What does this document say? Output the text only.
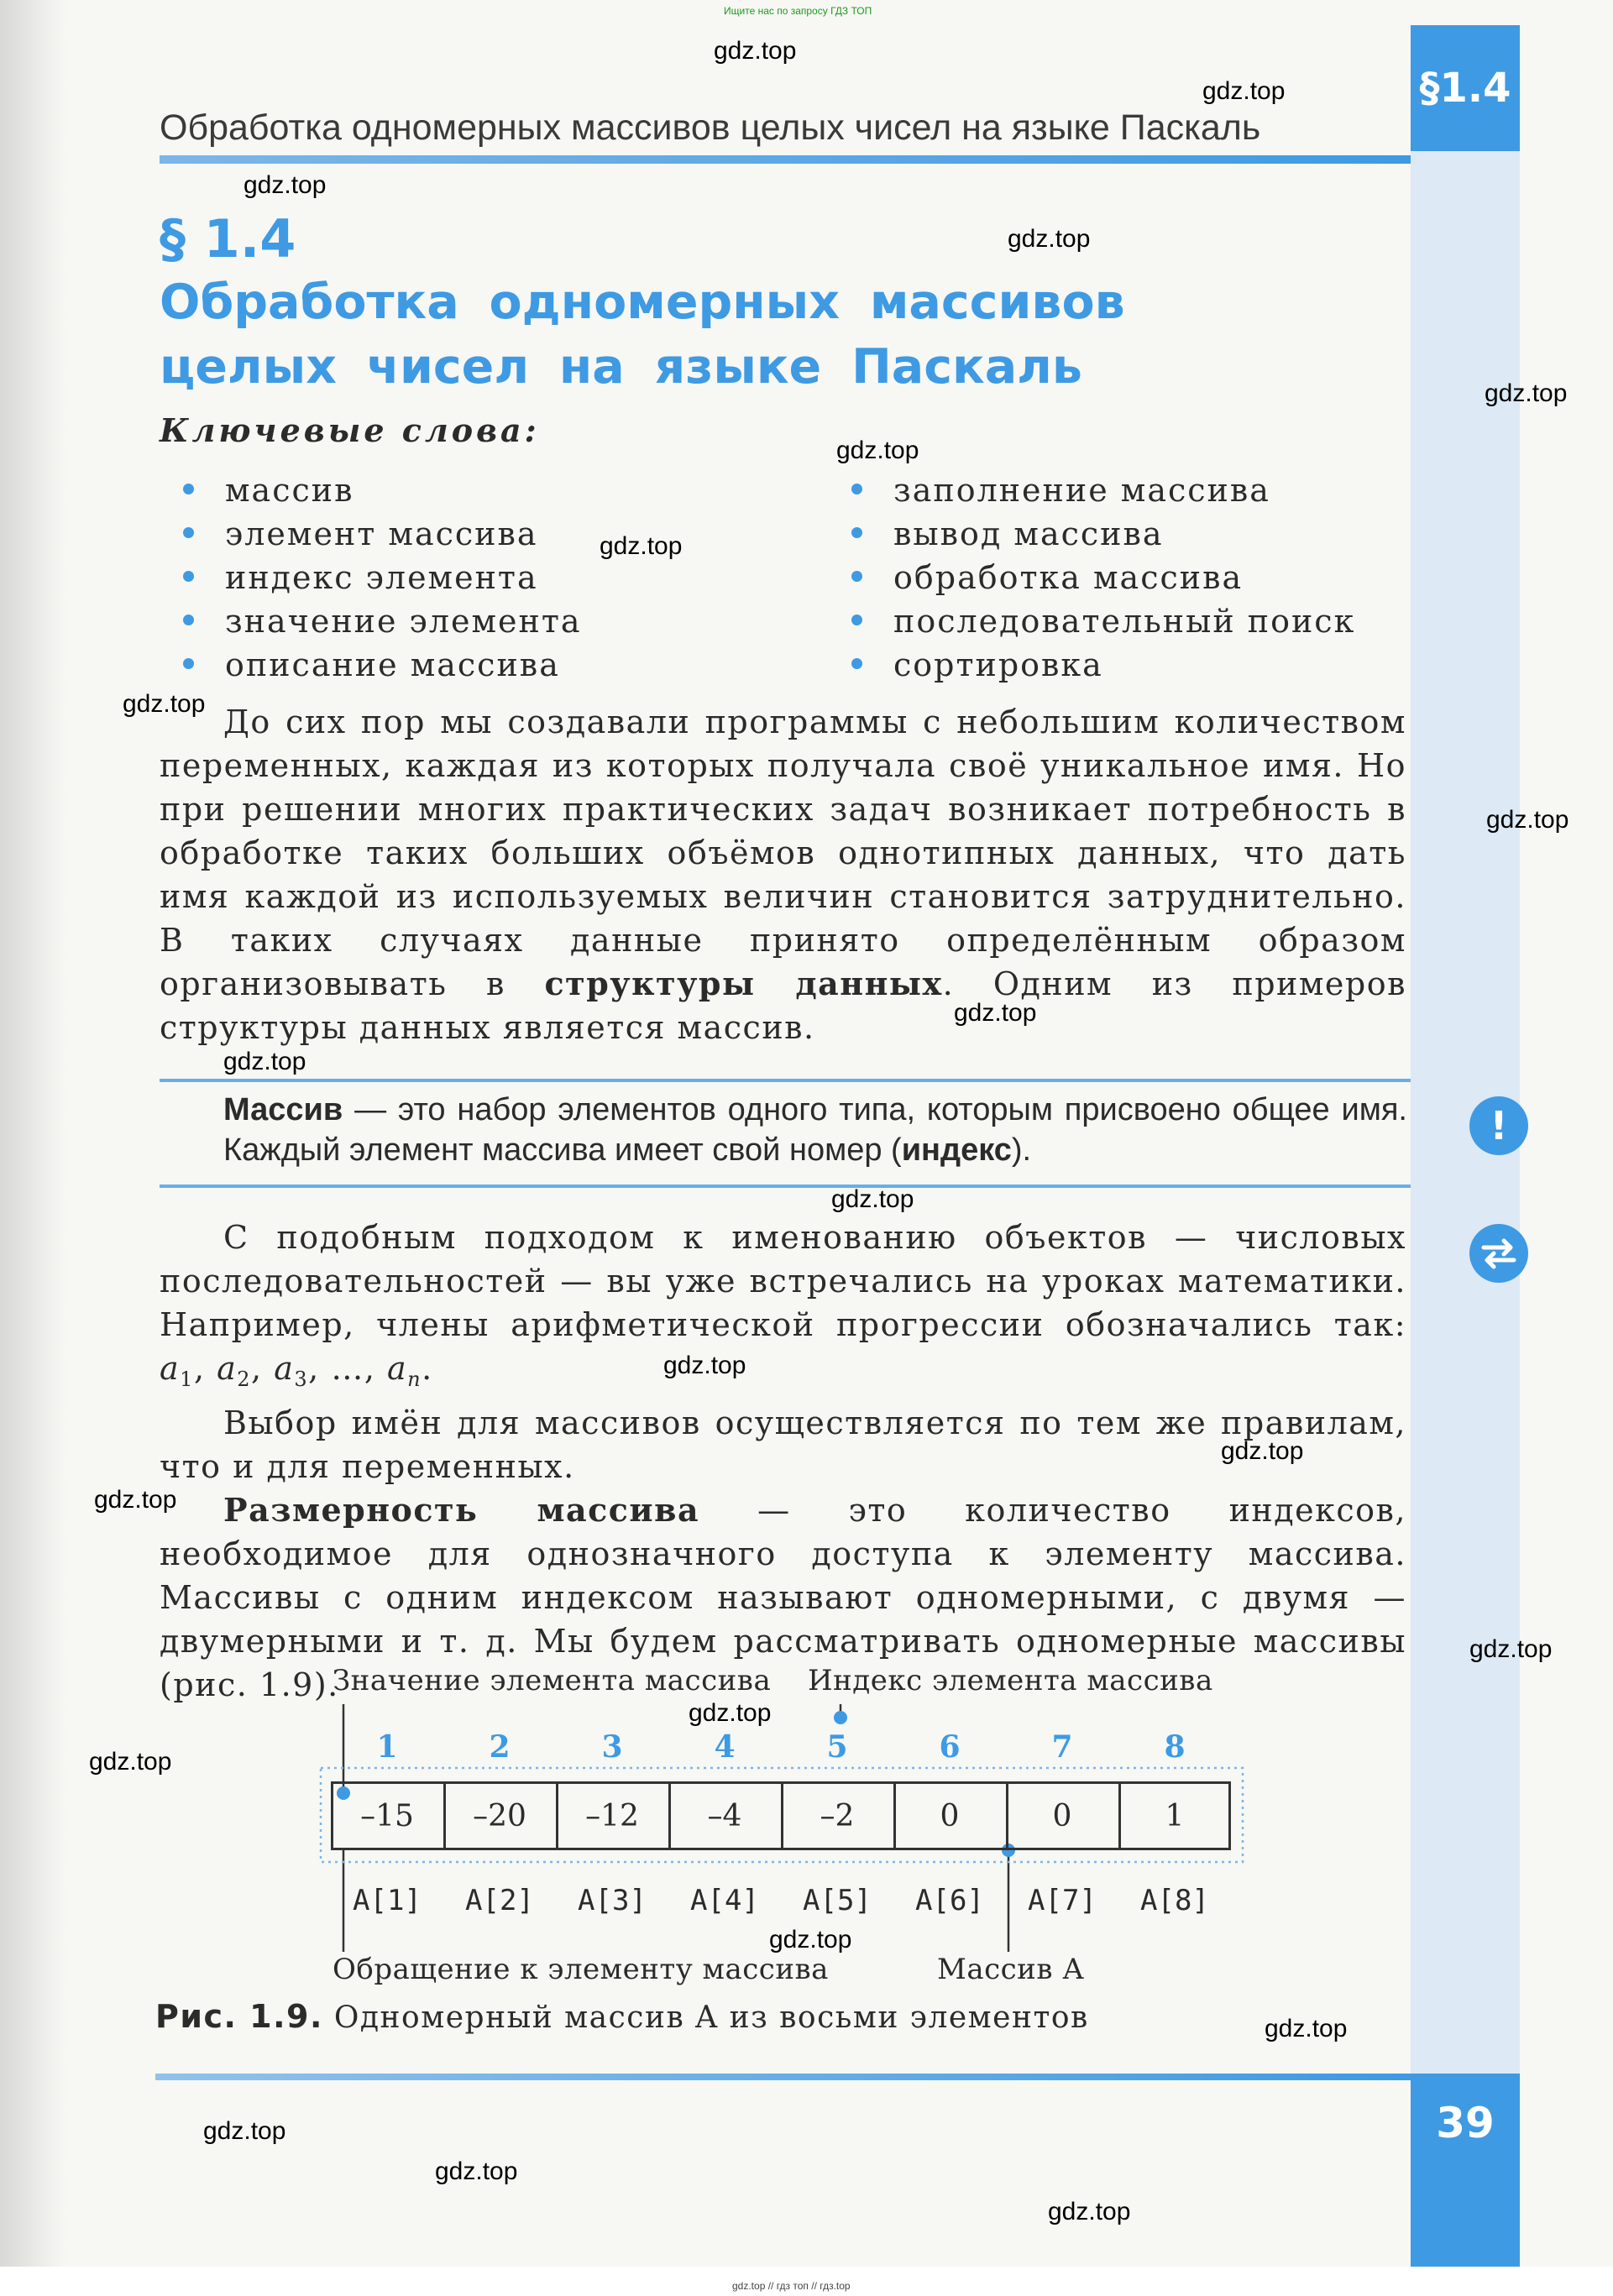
§1.4
39
Ищите нас по запросу ГДЗ ТОП
Обработка одномерных массивов целых чисел на языке Паскаль
§ 1.4
Обработка одномерных массивов
целых чисел на языке Паскаль
Ключевые слова:
массив
элемент массива
индекс элемента
значение элемента
описание массива
заполнение массива
вывод массива
обработка массива
последовательный поиск
сортировка

До сих пор мы создавали программы с небольшим количеством переменных, каждая из которых получала своё уникальное имя. Но при решении многих практических задач возникает потребность в обработке таких больших объёмов однотипных данных, что дать имя каждой из используемых величин становится затруднительно. В таких случаях данные принято определённым образом организовывать в структуры данных. Одним из примеров структуры данных является массив.

Массив — это набор элементов одного типа, которым присвоено общее имя. Каждый элемент массива имеет свой номер (индекс).
!

С подобным подходом к именованию объектов — числовых последовательностей — вы уже встречались на уроках математики. Например, члены арифметической прогрессии обозначались так: $a_1$, $a_2$, $a_3$, …, $a_n$.

Выбор имён для массивов осуществляется по тем же правилам, что и для переменных.

Размерность массива — это количество индексов, необходимое для однозначного доступа к элементу массива. Массивы с одним индексом называют одномерными, с двумя — двумерными и т. д. Мы будем рассматривать одномерные массивы (рис. 1.9).

Значение элемента массива Индекс элемента массива
1	2	3	4	5	6	7	8
–15	–20	–12	–4	–2	0	0	1
A[1]	A[2]	A[3]	A[4]	A[5]	A[6]	A[7]	A[8]
Обращение к элементу массива	Массив А
Рис. 1.9. Одномерный массив A из восьми элементов
gdz.top
gdz.top
gdz.top
gdz.top
gdz.top
gdz.top
gdz.top
gdz.top
gdz.top
gdz.top
gdz.top
gdz.top
gdz.top
gdz.top
gdz.top
gdz.top
gdz.top
gdz.top
gdz.top
gdz.top
gdz.top
gdz.top
gdz.top
gdz.top // гдз топ // гдз.top
